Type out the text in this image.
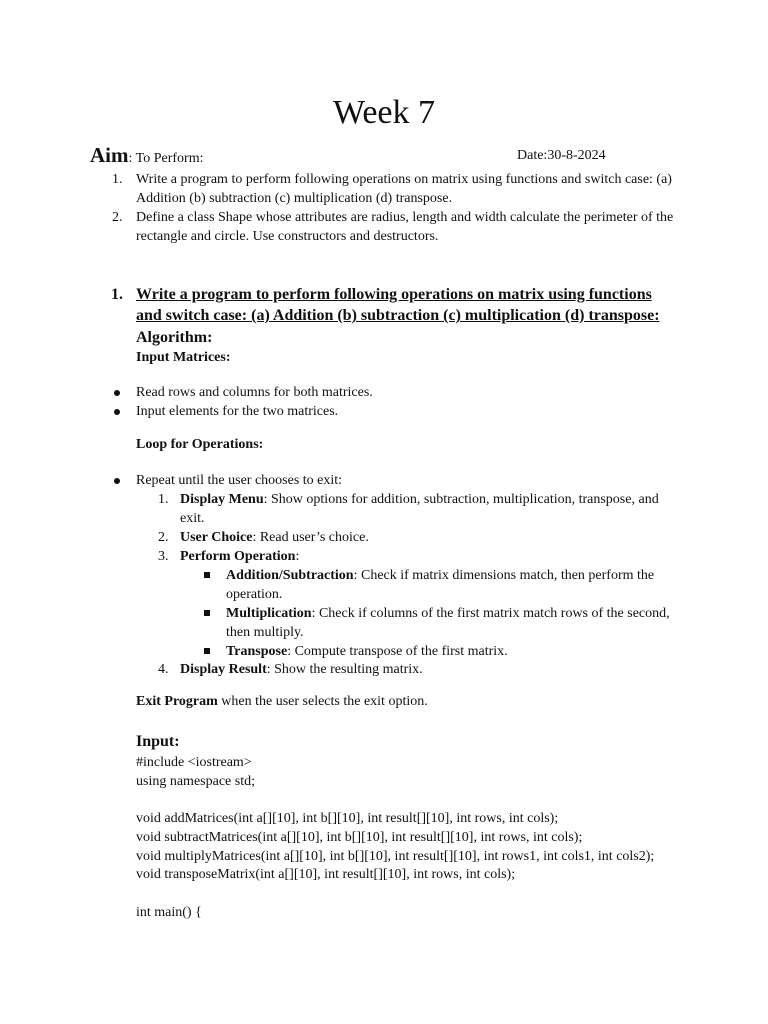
Week 7
Aim: To Perform:	Date:30-8-2024
1. Write a program to perform following operations on matrix using functions and switch case: (a)
Addition (b) subtraction (c) multiplication (d) transpose.
2. Define a class Shape whose attributes are radius, length and width calculate the perimeter of the
rectangle and circle. Use constructors and destructors.
1. Write a program to perform following operations on matrix using functions
and switch case: (a) Addition (b) subtraction (c) multiplication (d) transpose:
Algorithm:
Input Matrices:
Read rows and columns for both matrices.
Input elements for the two matrices.
Loop for Operations:
Repeat until the user chooses to exit:
1. Display Menu: Show options for addition, subtraction, multiplication, transpose, and
exit.
2. User Choice: Read user’s choice.
3. Perform Operation:
Addition/Subtraction: Check if matrix dimensions match, then perform the
operation.
Multiplication: Check if columns of the first matrix match rows of the second,
then multiply.
Transpose: Compute transpose of the first matrix.
4. Display Result: Show the resulting matrix.
Exit Program when the user selects the exit option.
Input:
#include <iostream>
using namespace std;
void addMatrices(int a[][10], int b[][10], int result[][10], int rows, int cols);
void subtractMatrices(int a[][10], int b[][10], int result[][10], int rows, int cols);
void multiplyMatrices(int a[][10], int b[][10], int result[][10], int rows1, int cols1, int cols2);
void transposeMatrix(int a[][10], int result[][10], int rows, int cols);
int main() {
